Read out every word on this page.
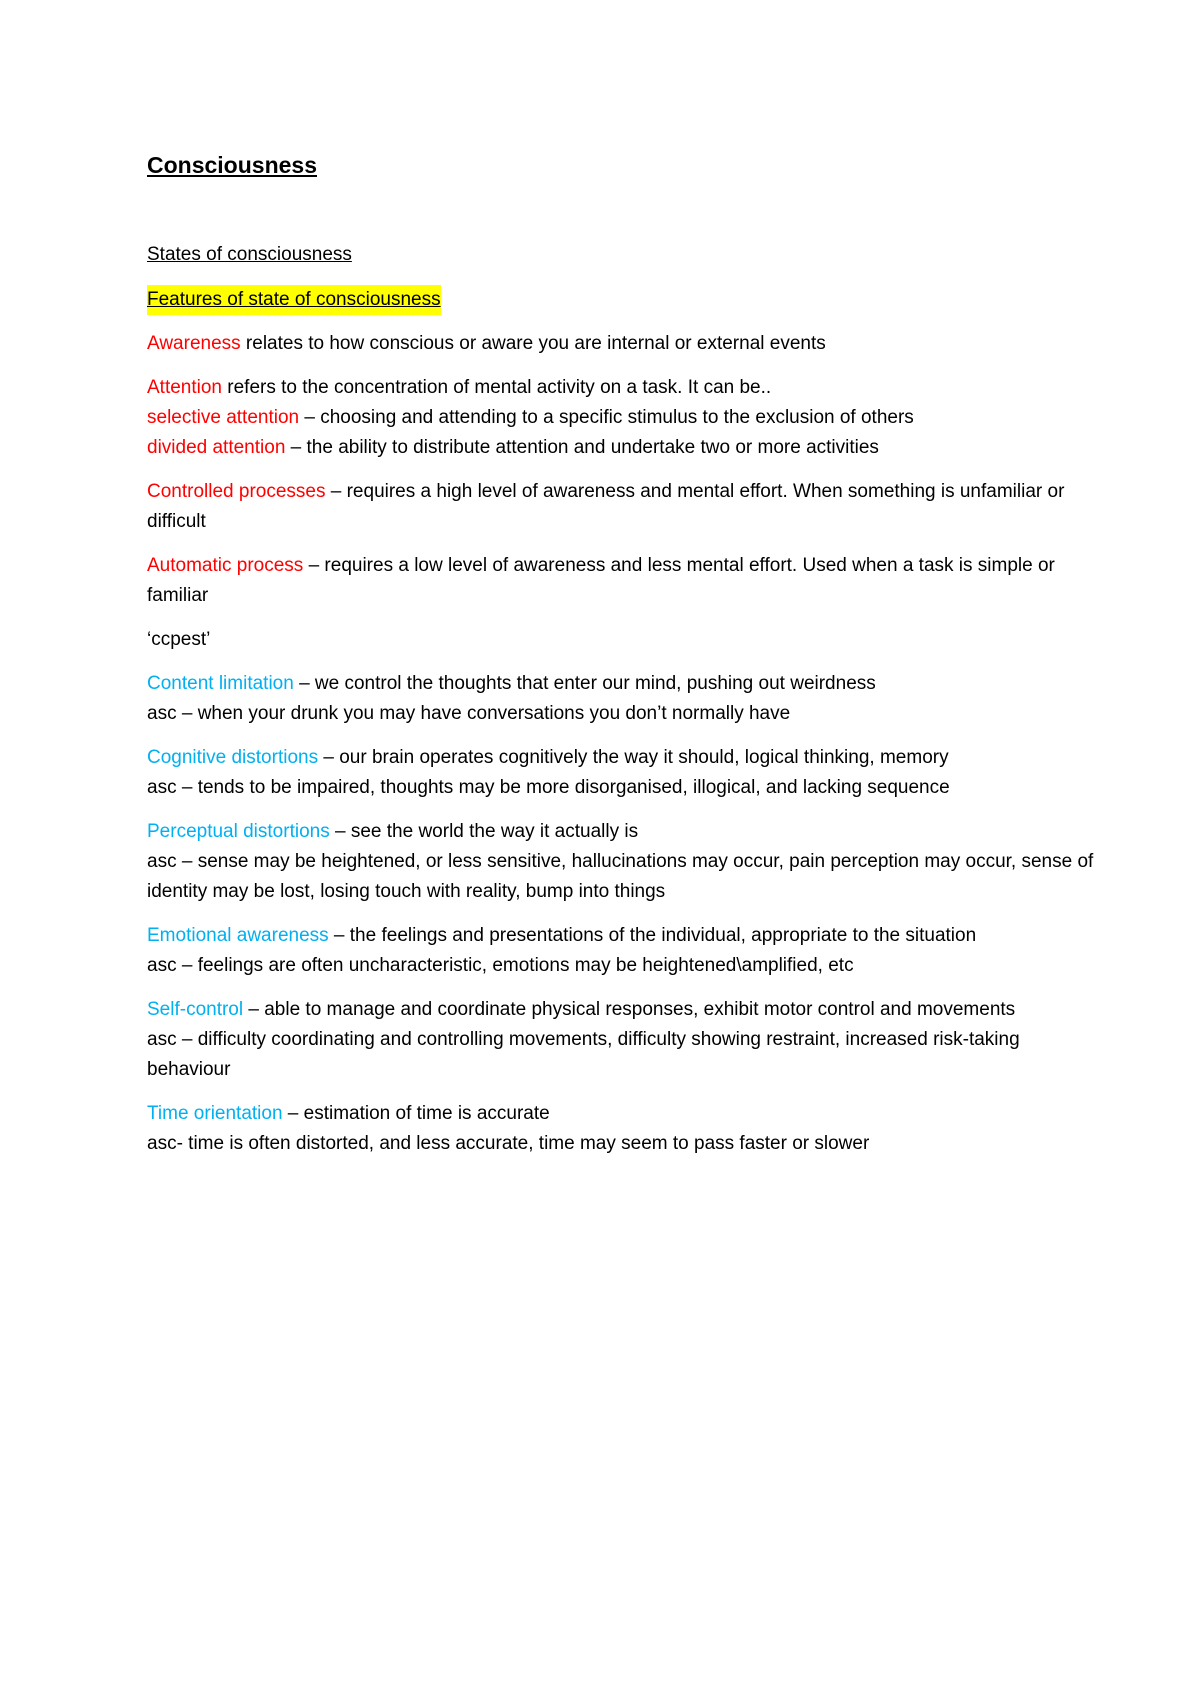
Consciousness
States of consciousness
Features of state of consciousness

Awareness relates to how conscious or aware you are internal or external events

Attention refers to the concentration of mental activity on a task. It can be..

selective attention – choosing and attending to a specific stimulus to the exclusion of others

divided attention – the ability to distribute attention and undertake two or more activities

Controlled processes – requires a high level of awareness and mental effort. When something is unfamiliar or difficult

Automatic process – requires a low level of awareness and less mental effort. Used when a task is simple or familiar

‘ccpest’

Content limitation – we control the thoughts that enter our mind, pushing out weirdness

asc – when your drunk you may have conversations you don’t normally have

Cognitive distortions – our brain operates cognitively the way it should, logical thinking, memory

asc – tends to be impaired, thoughts may be more disorganised, illogical, and lacking sequence

Perceptual distortions – see the world the way it actually is

asc – sense may be heightened, or less sensitive, hallucinations may occur, pain perception may occur, sense of identity may be lost, losing touch with reality, bump into things

Emotional awareness – the feelings and presentations of the individual, appropriate to the situation

asc – feelings are often uncharacteristic, emotions may be heightened\amplified, etc

Self-control – able to manage and coordinate physical responses, exhibit motor control and movements

asc – difficulty coordinating and controlling movements, difficulty showing restraint, increased risk-taking behaviour

Time orientation – estimation of time is accurate

asc- time is often distorted, and less accurate, time may seem to pass faster or slower
